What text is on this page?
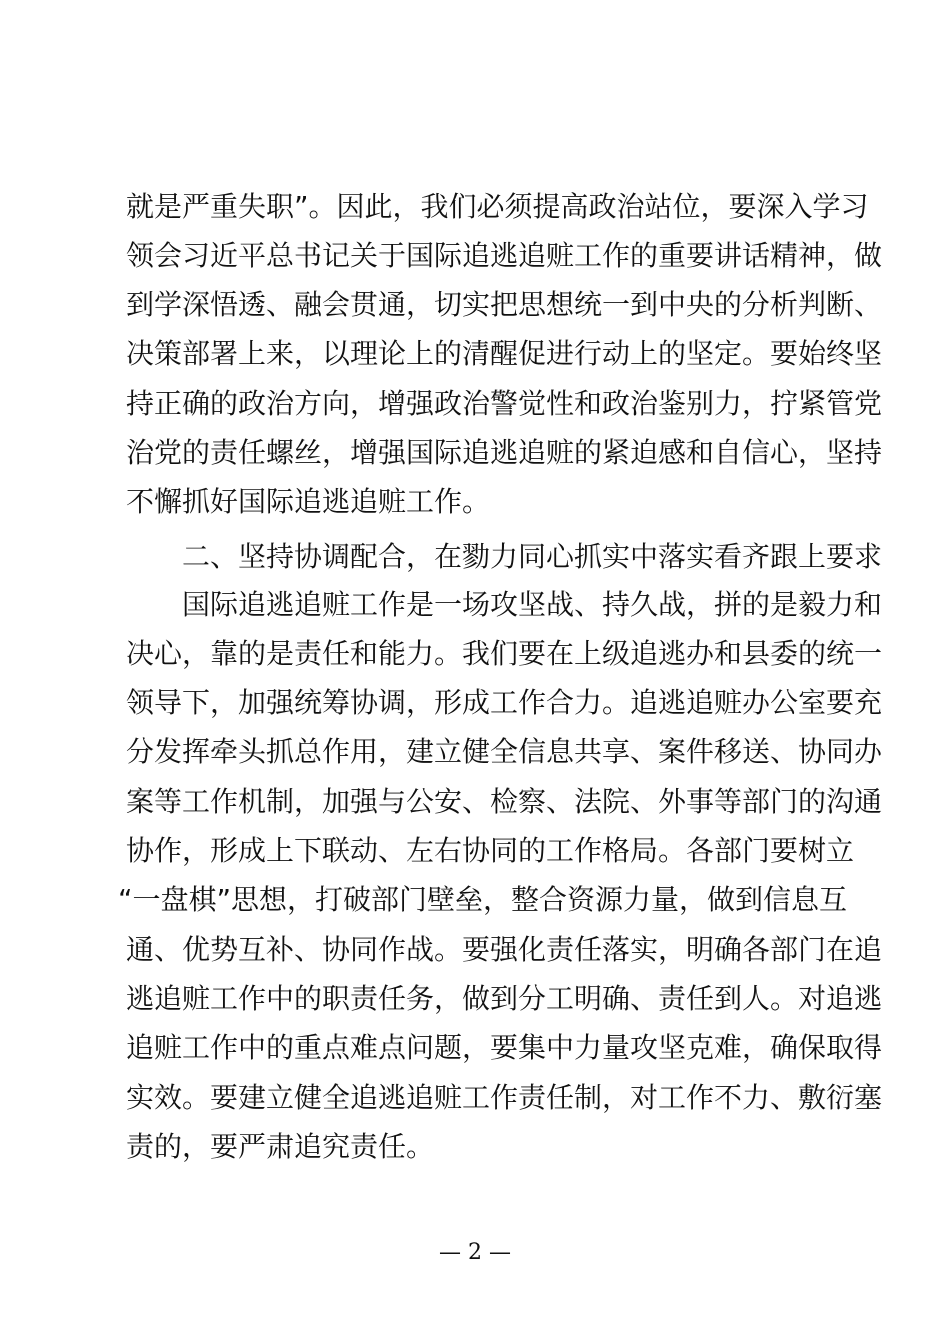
就是严重失职”。因此，我们必须提高政治站位，要深入学习
领会习近平总书记关于国际追逃追赃工作的重要讲话精神，做
到学深悟透、融会贯通，切实把思想统一到中央的分析判断、
决策部署上来，以理论上的清醒促进行动上的坚定。要始终坚
持正确的政治方向，增强政治警觉性和政治鉴别力，拧紧管党
治党的责任螺丝，增强国际追逃追赃的紧迫感和自信心，坚持
不懈抓好国际追逃追赃工作。
二、坚持协调配合，在勠力同心抓实中落实看齐跟上要求
国际追逃追赃工作是一场攻坚战、持久战，拼的是毅力和
决心，靠的是责任和能力。我们要在上级追逃办和县委的统一
领导下，加强统筹协调，形成工作合力。追逃追赃办公室要充
分发挥牵头抓总作用，建立健全信息共享、案件移送、协同办
案等工作机制，加强与公安、检察、法院、外事等部门的沟通
协作，形成上下联动、左右协同的工作格局。各部门要树立
“一盘棋”思想，打破部门壁垒，整合资源力量，做到信息互
通、优势互补、协同作战。要强化责任落实，明确各部门在追
逃追赃工作中的职责任务，做到分工明确、责任到人。对追逃
追赃工作中的重点难点问题，要集中力量攻坚克难，确保取得
实效。要建立健全追逃追赃工作责任制，对工作不力、敷衍塞
责的，要严肃追究责任。
— 2 —
